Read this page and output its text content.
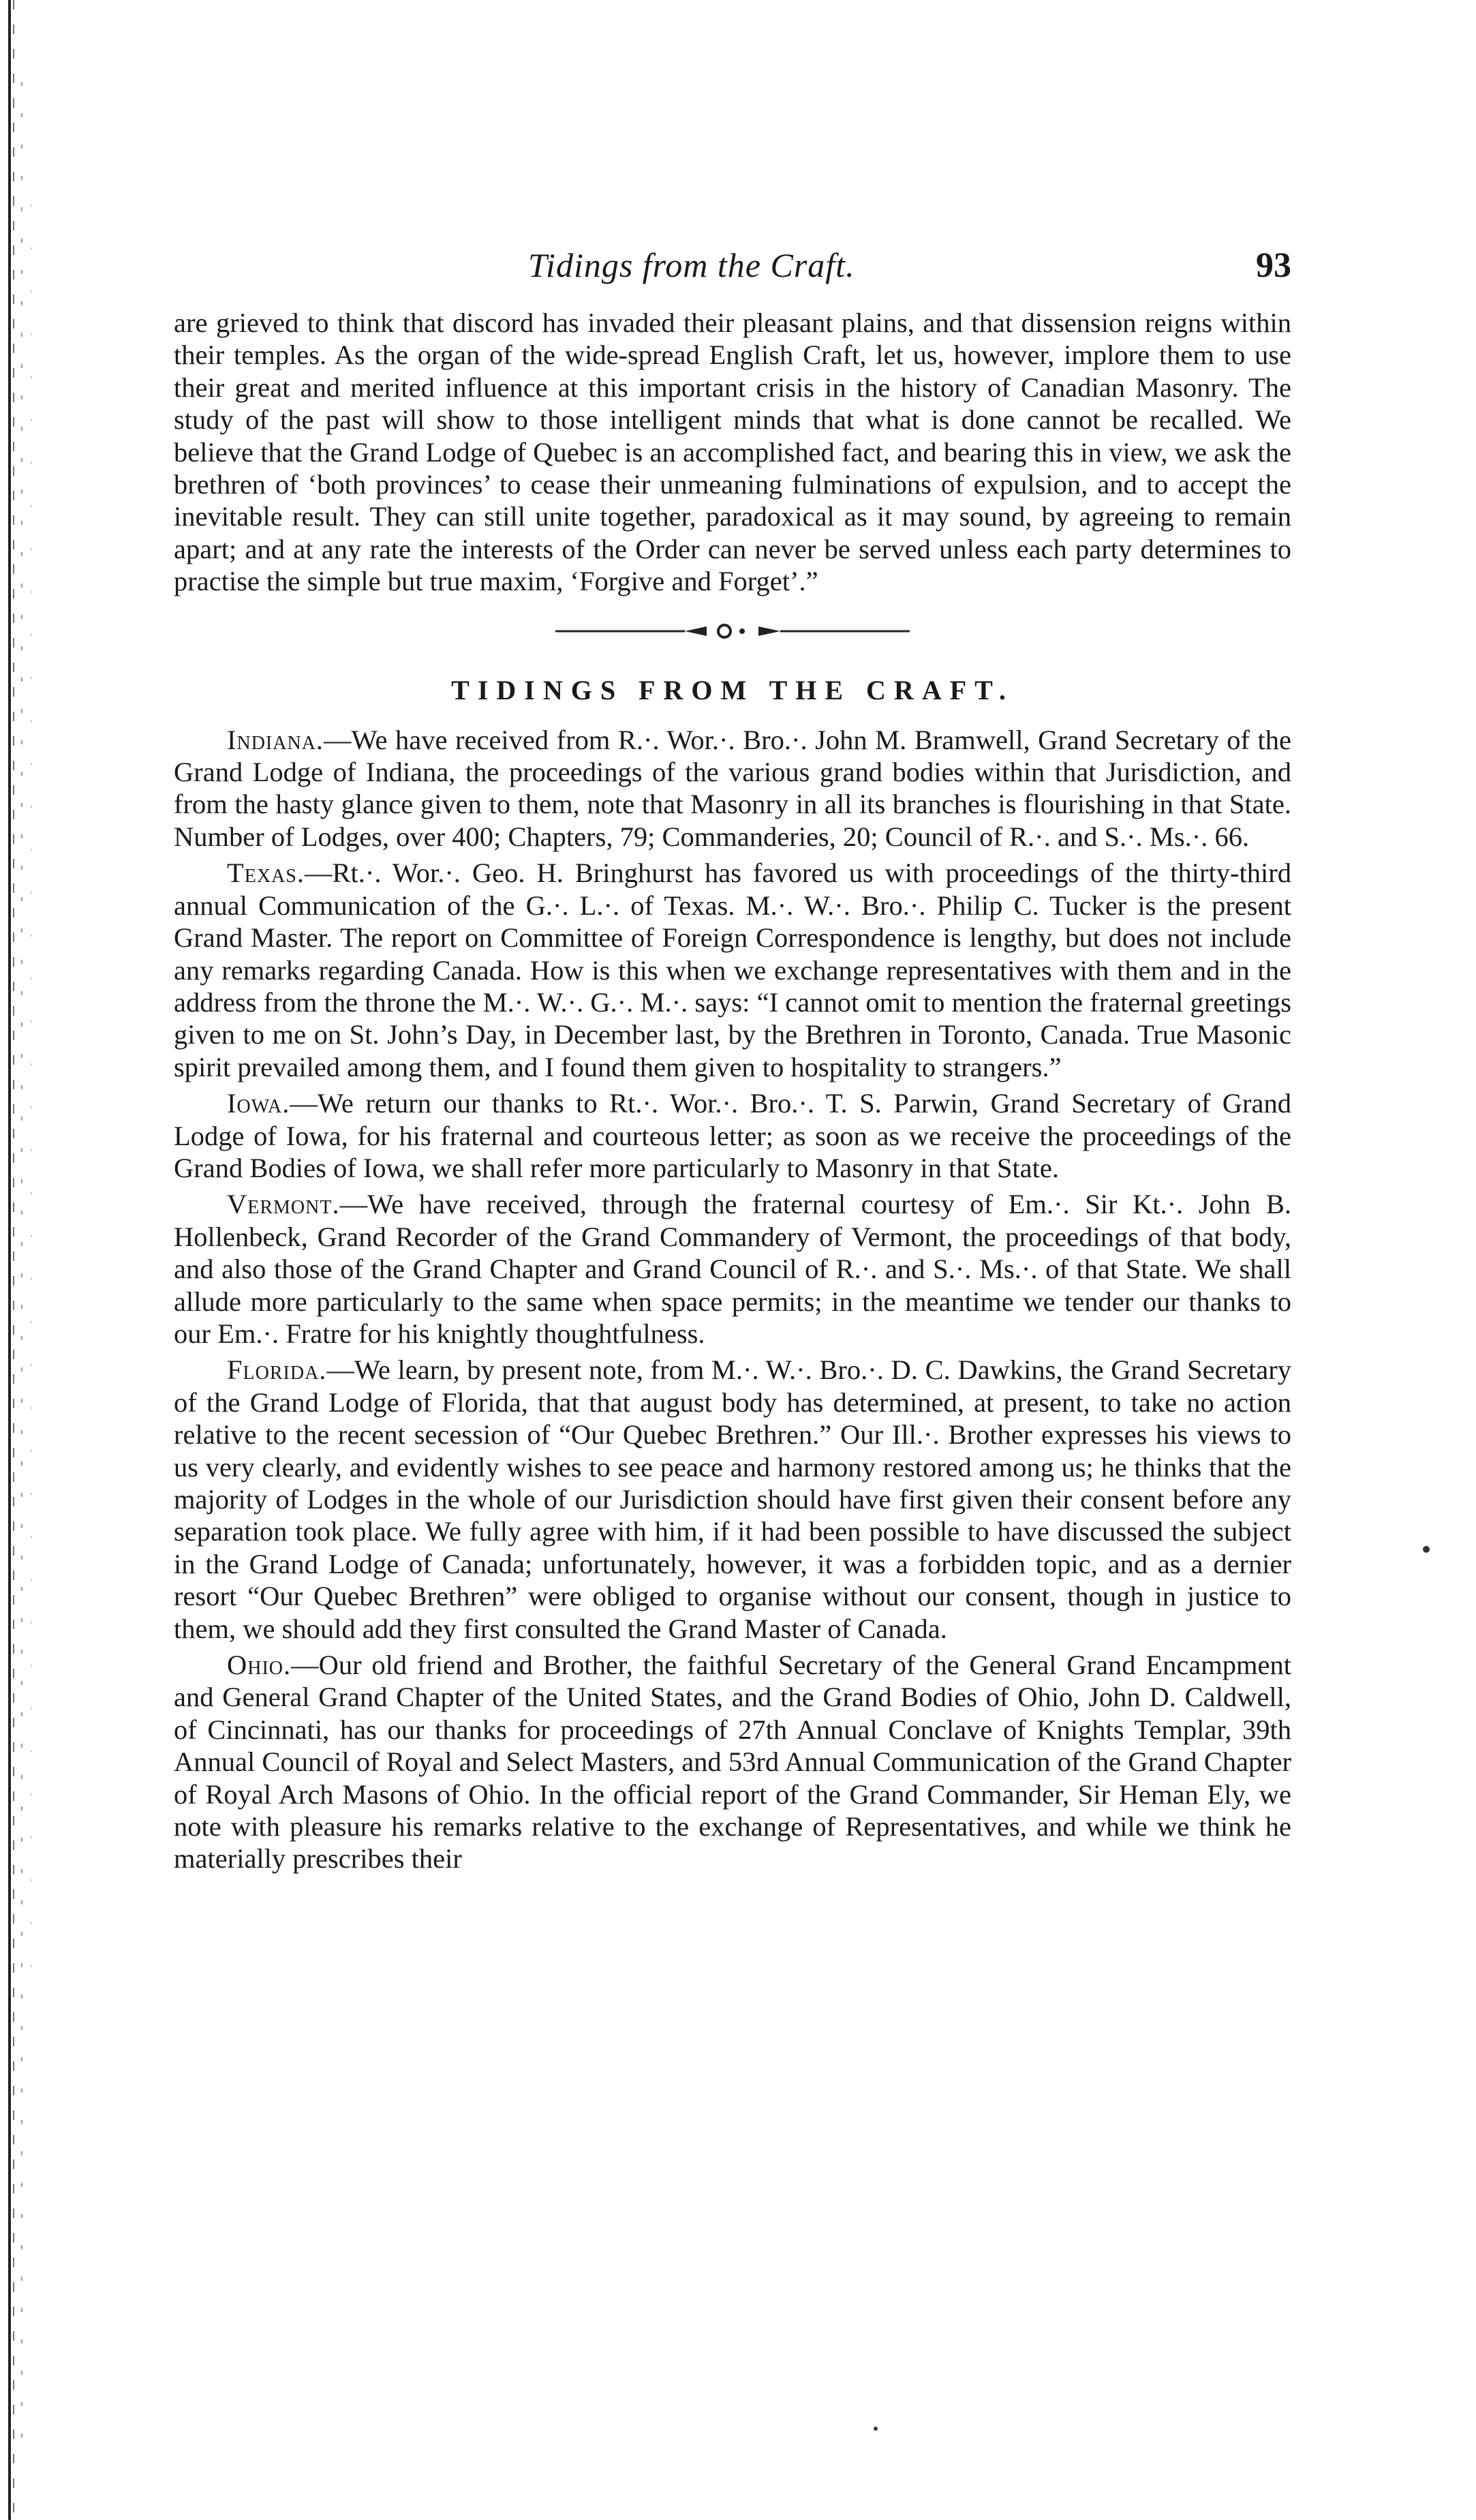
Tidings from the Craft.	93

are grieved to think that discord has invaded their pleasant plains, and that dissension reigns within their temples. As the organ of the wide-spread English Craft, let us, however, implore them to use their great and merited influence at this important crisis in the history of Canadian Masonry. The study of the past will show to those intelligent minds that what is done cannot be recalled. We believe that the Grand Lodge of Quebec is an accomplished fact, and bearing this in view, we ask the brethren of ‘both provinces’ to cease their unmeaning fulminations of expulsion, and to accept the inevitable result. They can still unite together, paradoxical as it may sound, by agreeing to remain apart; and at any rate the interests of the Order can never be served unless each party determines to practise the simple but true maxim, ‘Forgive and Forget’.”

TIDINGS FROM THE CRAFT.

Indiana.—We have received from R.·. Wor.·. Bro.·. John M. Bramwell, Grand Secretary of the Grand Lodge of Indiana, the proceedings of the various grand bodies within that Jurisdiction, and from the hasty glance given to them, note that Masonry in all its branches is flourishing in that State. Number of Lodges, over 400; Chapters, 79; Commanderies, 20; Council of R.·. and S.·. Ms.·. 66.

Texas.—Rt.·. Wor.·. Geo. H. Bringhurst has favored us with proceedings of the thirty-third annual Communication of the G.·. L.·. of Texas. M.·. W.·. Bro.·. Philip C. Tucker is the present Grand Master. The report on Committee of Foreign Correspondence is lengthy, but does not include any remarks regarding Canada. How is this when we exchange representatives with them and in the address from the throne the M.·. W.·. G.·. M.·. says: “I cannot omit to mention the fraternal greetings given to me on St. John’s Day, in December last, by the Brethren in Toronto, Canada. True Masonic spirit prevailed among them, and I found them given to hospitality to strangers.”

Iowa.—We return our thanks to Rt.·. Wor.·. Bro.·. T. S. Parwin, Grand Secretary of Grand Lodge of Iowa, for his fraternal and courteous letter; as soon as we receive the proceedings of the Grand Bodies of Iowa, we shall refer more particularly to Masonry in that State.

Vermont.—We have received, through the fraternal courtesy of Em.·. Sir Kt.·. John B. Hollenbeck, Grand Recorder of the Grand Commandery of Vermont, the proceedings of that body, and also those of the Grand Chapter and Grand Council of R.·. and S.·. Ms.·. of that State. We shall allude more particularly to the same when space permits; in the meantime we tender our thanks to our Em.·. Fratre for his knightly thoughtfulness.

Florida.—We learn, by present note, from M.·. W.·. Bro.·. D. C. Dawkins, the Grand Secretary of the Grand Lodge of Florida, that that august body has determined, at present, to take no action relative to the recent secession of “Our Quebec Brethren.” Our Ill.·. Brother expresses his views to us very clearly, and evidently wishes to see peace and harmony restored among us; he thinks that the majority of Lodges in the whole of our Jurisdiction should have first given their consent before any separation took place. We fully agree with him, if it had been possible to have discussed the subject in the Grand Lodge of Canada; unfortunately, however, it was a forbidden topic, and as a dernier resort “Our Quebec Brethren” were obliged to organise without our consent, though in justice to them, we should add they first consulted the Grand Master of Canada.

Ohio.—Our old friend and Brother, the faithful Secretary of the General Grand Encampment and General Grand Chapter of the United States, and the Grand Bodies of Ohio, John D. Caldwell, of Cincinnati, has our thanks for proceedings of 27th Annual Conclave of Knights Templar, 39th Annual Council of Royal and Select Masters, and 53rd Annual Communication of the Grand Chapter of Royal Arch Masons of Ohio. In the official report of the Grand Commander, Sir Heman Ely, we note with pleasure his remarks relative to the exchange of Representatives, and while we think he materially prescribes their
